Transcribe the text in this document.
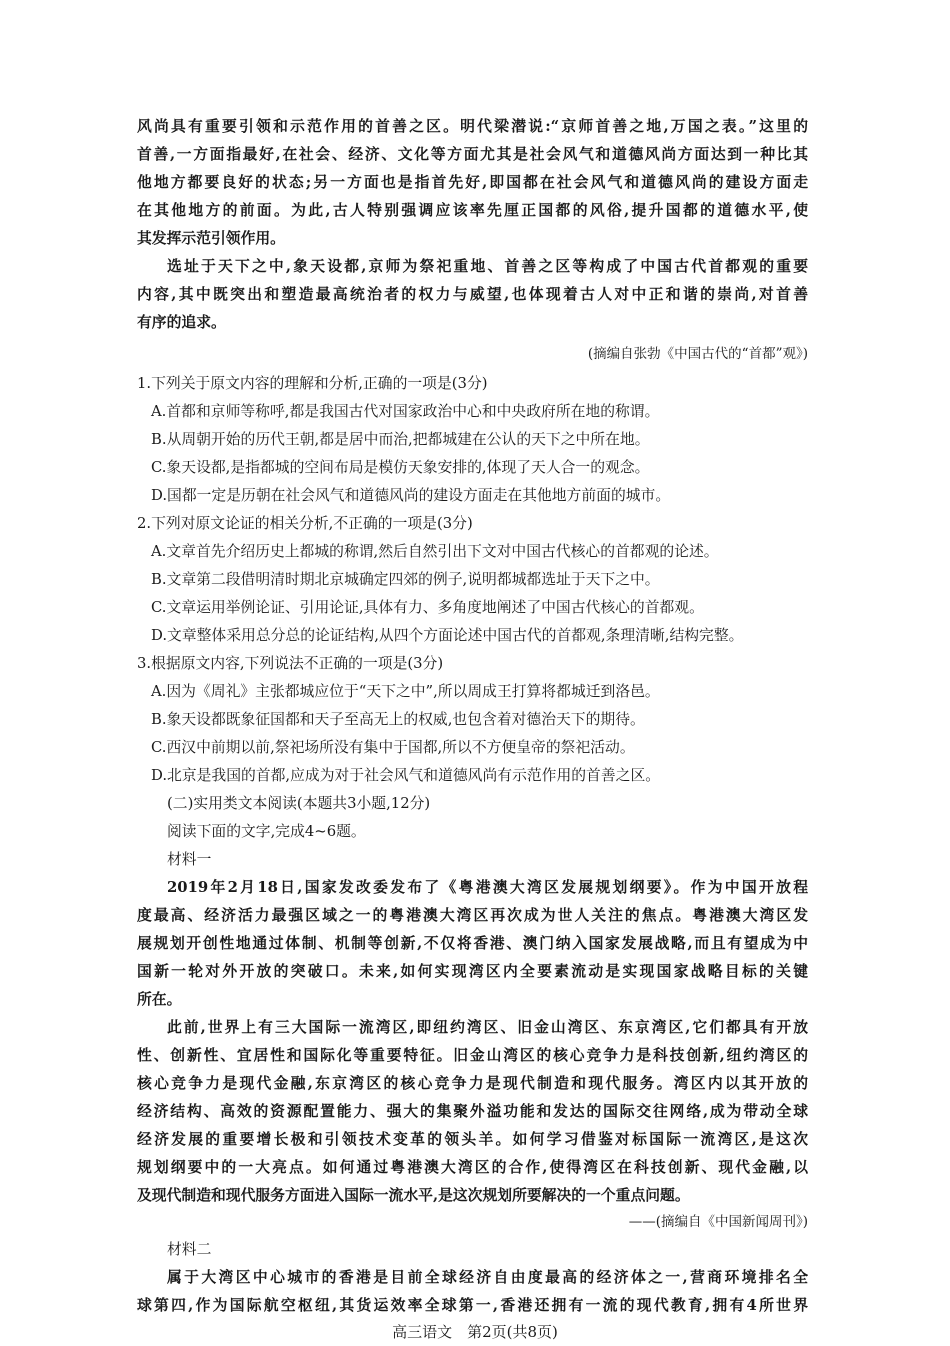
风尚具有重要引领和示范作用的首善之区。明代梁潜说:“京师首善之地,万国之表。”这里的
首善,一方面指最好,在社会、经济、文化等方面尤其是社会风气和道德风尚方面达到一种比其
他地方都要良好的状态;另一方面也是指首先好,即国都在社会风气和道德风尚的建设方面走
在其他地方的前面。为此,古人特别强调应该率先厘正国都的风俗,提升国都的道德水平,使
其发挥示范引领作用。
选址于天下之中,象天设都,京师为祭祀重地、首善之区等构成了中国古代首都观的重要
内容,其中既突出和塑造最高统治者的权力与威望,也体现着古人对中正和谐的崇尚,对首善
有序的追求。
(摘编自张勃《中国古代的“首都”观》)
1.下列关于原文内容的理解和分析,正确的一项是(3分)
A.首都和京师等称呼,都是我国古代对国家政治中心和中央政府所在地的称谓。
B.从周朝开始的历代王朝,都是居中而治,把都城建在公认的天下之中所在地。
C.象天设都,是指都城的空间布局是模仿天象安排的,体现了天人合一的观念。
D.国都一定是历朝在社会风气和道德风尚的建设方面走在其他地方前面的城市。
2.下列对原文论证的相关分析,不正确的一项是(3分)
A.文章首先介绍历史上都城的称谓,然后自然引出下文对中国古代核心的首都观的论述。
B.文章第二段借明清时期北京城确定四郊的例子,说明都城都选址于天下之中。
C.文章运用举例论证、引用论证,具体有力、多角度地阐述了中国古代核心的首都观。
D.文章整体采用总分总的论证结构,从四个方面论述中国古代的首都观,条理清晰,结构完整。
3.根据原文内容,下列说法不正确的一项是(3分)
A.因为《周礼》主张都城应位于“天下之中”,所以周成王打算将都城迁到洛邑。
B.象天设都既象征国都和天子至高无上的权威,也包含着对德治天下的期待。
C.西汉中前期以前,祭祀场所没有集中于国都,所以不方便皇帝的祭祀活动。
D.北京是我国的首都,应成为对于社会风气和道德风尚有示范作用的首善之区。
(二)实用类文本阅读(本题共3小题,12分)
阅读下面的文字,完成4~6题。
材料一
2019年2月18日,国家发改委发布了《粤港澳大湾区发展规划纲要》。作为中国开放程
度最高、经济活力最强区域之一的粤港澳大湾区再次成为世人关注的焦点。粤港澳大湾区发
展规划开创性地通过体制、机制等创新,不仅将香港、澳门纳入国家发展战略,而且有望成为中
国新一轮对外开放的突破口。未来,如何实现湾区内全要素流动是实现国家战略目标的关键
所在。
此前,世界上有三大国际一流湾区,即纽约湾区、旧金山湾区、东京湾区,它们都具有开放
性、创新性、宜居性和国际化等重要特征。旧金山湾区的核心竞争力是科技创新,纽约湾区的
核心竞争力是现代金融,东京湾区的核心竞争力是现代制造和现代服务。湾区内以其开放的
经济结构、高效的资源配置能力、强大的集聚外溢功能和发达的国际交往网络,成为带动全球
经济发展的重要增长极和引领技术变革的领头羊。如何学习借鉴对标国际一流湾区,是这次
规划纲要中的一大亮点。如何通过粤港澳大湾区的合作,使得湾区在科技创新、现代金融,以
及现代制造和现代服务方面进入国际一流水平,是这次规划所要解决的一个重点问题。
——(摘编自《中国新闻周刊》)
材料二
属于大湾区中心城市的香港是目前全球经济自由度最高的经济体之一,营商环境排名全
球第四,作为国际航空枢纽,其货运效率全球第一,香港还拥有一流的现代教育,拥有4所世界
高三语文　第2页(共8页)
